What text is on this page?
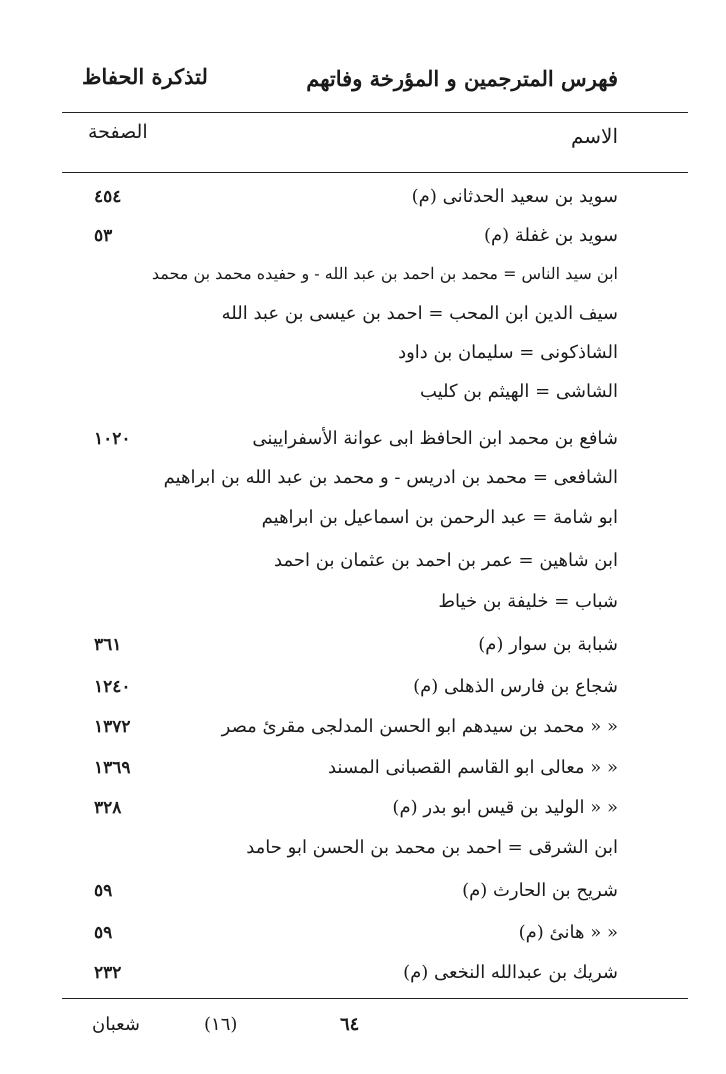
فهرس المترجمين و المؤرخة وفاتهم
لتذكرة الحفاظ
الاسم
الصفحة
سويد بن سعيد الحدثانى (م)
٤٥٤
سويد بن غفلة (م)
٥٣
ابن سيد الناس = محمد بن احمد بن عبد الله - و حفيده محمد بن محمد
سيف الدين ابن المحب = احمد بن عيسى بن عبد الله
الشاذكونى = سليمان بن داود
الشاشى = الهيثم بن كليب
شافع بن محمد ابن الحافظ ابى عوانة الأسفرايينى
١٠٢٠
الشافعى = محمد بن ادريس - و محمد بن عبد الله بن ابراهيم
ابو شامة = عبد الرحمن بن اسماعيل بن ابراهيم
ابن شاهين = عمر بن احمد بن عثمان بن احمد
شباب = خليفة بن خياط
شبابة بن سوار (م)
٣٦١
شجاع بن فارس الذهلى (م)
١٢٤٠
« « محمد بن سيدهم ابو الحسن المدلجى مقرئ مصر
١٣٧٢
« « معالى ابو القاسم القصبانى المسند
١٣٦٩
« « الوليد بن قيس ابو بدر (م)
٣٢٨
ابن الشرقى = احمد بن محمد بن الحسن ابو حامد
شريح بن الحارث (م)
٥٩
« « هانئ (م)
٥٩
شريك بن عبدالله النخعى (م)
٢٣٢
شعبان	(١٦)	٦٤
